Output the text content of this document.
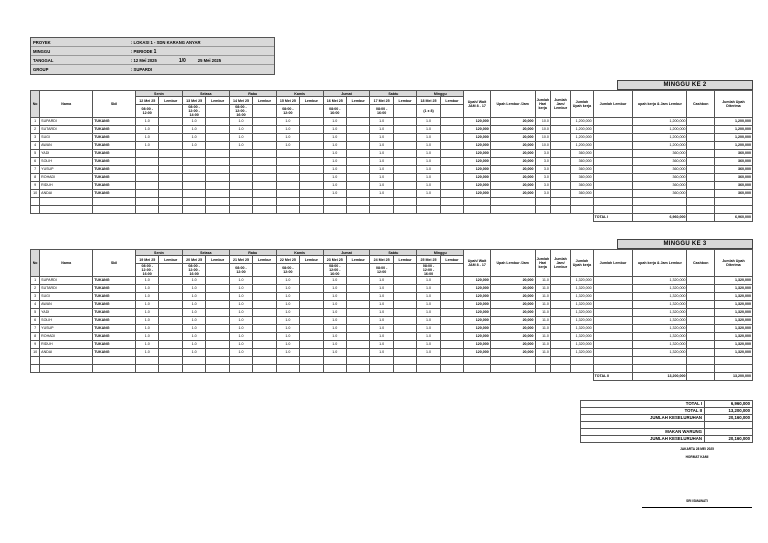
PROYEK	: LOKASI 1 - SDN KARANG ANYAR
MINGGU	: PERIODE 1
TANGGAL	: 12 Mei 2025	1/0	25 Mei 2025
GROUP	: SUPARDI
MINGGU KE 2
No	Nama	Skil	Senin		Selasa		Rabu		Kamis		Jumat		Sabtu		Minggu		Upah/ Wait JAM 8 - 17	Upah Lembur /Jam	Jumlah Hari kerja	Jumlah Jam/ Lembur	Jumlah Upah kerja	Jumlah Lembur	upah kerja & Jam Lembur	Cashbon	Jumlah Upah Diterima
			12 Mei 25	Lembur	13 Mei 25	Lembur	14 Mei 25	Lembur	15 Mei 25	Lembur	16 Mei 25	Lembur	17 Mei 25	Lembur	18 Mei 25	Lembur									
			08:00 - 12:00		08:00 - 12:00 - 14:00		08:00 - 12:00 - 16:00		08:00 - 12:00		08:00 - 16:00		08:00 - 16:00		(1 x 8)										
1	SUPARDI	TUKANG	1.0		1.0		1.0		1.0		1.0		1.0		1.0		120,000	20,000	10.0		1,200,000		1,200,000		1,200,000
2	SUTARDI	TUKANG	1.0		1.0		1.0		1.0		1.0		1.0		1.0		120,000	20,000	10.0		1,200,000		1,200,000		1,200,000
3	SUGI	TUKANG	1.0		1.0		1.0		1.0		1.0		1.0		1.0		120,000	20,000	10.0		1,200,000		1,200,000		1,200,000
4	AWAN	TUKANG	1.0		1.0		1.0		1.0		1.0		1.0		1.0		120,000	20,000	10.0		1,200,000		1,200,000		1,200,000
5	YADI	TUKANG									1.0		1.0		1.0		120,000	20,000	3.0		360,000		360,000		360,000
6	SOLIH	TUKANG									1.0		1.0		1.0		120,000	20,000	3.0		360,000		360,000		360,000
7	YUSUP	TUKANG									1.0		1.0		1.0		120,000	20,000	3.0		360,000		360,000		360,000
8	ROHADI	TUKANG									1.0		1.0		1.0		120,000	20,000	3.0		360,000		360,000		360,000
9	RIDUH	TUKANG									1.0		1.0		1.0		120,000	20,000	3.0		360,000		360,000		360,000
10	ANDAI	TUKANG									1.0		1.0		1.0		120,000	20,000	3.0		360,000		360,000		360,000

																						TOTAL I	6,960,000		6,960,000
MINGGU KE 3
No	Nama	Skil	Senin		Selasa		Rabu		Kamis		Jumat		Sabtu		Minggu		Upah/ Wait JAM 8 - 17	Upah Lembur /Jam	Jumlah Hari kerja	Jumlah Jam/ Lembur	Jumlah Upah kerja	Jumlah Lembur	upah kerja & Jam Lembur	Cashbon	Jumlah Upah Diterima
			19 Mei 25	Lembur	20 Mei 25	Lembur	21 Mei 25	Lembur	22 Mei 25	Lembur	23 Mei 25	Lembur	24 Mei 25	Lembur	25 Mei 25	Lembur									
			08:00 - 12:00 - 16:00		08:00 - 12:00 - 16:00		08:00 - 12:00		08:00 - 12:00		08:00 - 12:00 - 16:00		08:00 - 12:00		08:00 - 12:00 - 16:00										
1	SUPARDI	TUKANG	1.0		1.0		1.0		1.0		1.0		1.0		1.0		120,000	20,000	11.0		1,320,000		1,320,000		1,320,000
2	SUTARDI	TUKANG	1.0		1.0		1.0		1.0		1.0		1.0		1.0		120,000	20,000	11.0		1,320,000		1,320,000		1,320,000
3	SUGI	TUKANG	1.0		1.0		1.0		1.0		1.0		1.0		1.0		120,000	20,000	11.0		1,320,000		1,320,000		1,320,000
4	AWAN	TUKANG	1.0		1.0		1.0		1.0		1.0		1.0		1.0		120,000	20,000	11.0		1,320,000		1,320,000		1,320,000
5	YADI	TUKANG	1.0		1.0		1.0		1.0		1.0		1.0		1.0		120,000	20,000	11.0		1,320,000		1,320,000		1,320,000
6	SOLIH	TUKANG	1.0		1.0		1.0		1.0		1.0		1.0		1.0		120,000	20,000	11.0		1,320,000		1,320,000		1,320,000
7	YUSUP	TUKANG	1.0		1.0		1.0		1.0		1.0		1.0		1.0		120,000	20,000	11.0		1,320,000		1,320,000		1,320,000
8	ROHADI	TUKANG	1.0		1.0		1.0		1.0		1.0		1.0		1.0		120,000	20,000	11.0		1,320,000		1,320,000		1,320,000
9	RIDUH	TUKANG	1.0		1.0		1.0		1.0		1.0		1.0		1.0		120,000	20,000	11.0		1,320,000		1,320,000		1,320,000
10	ANDAI	TUKANG	1.0		1.0		1.0		1.0		1.0		1.0		1.0		120,000	20,000	11.0		1,320,000		1,320,000		1,320,000

																						TOTAL II	13,200,000		13,200,000
TOTAL I	6,960,000
TOTAL II	13,200,000
JUMLAH KESELURUHAN	20,160,000

MAKAN WARUNG	
JUMLAH KESELURUHAN	20,160,000
JAKARTA 28 MEI 2025
HORMAT KAMI
SRI ISMAWATI
